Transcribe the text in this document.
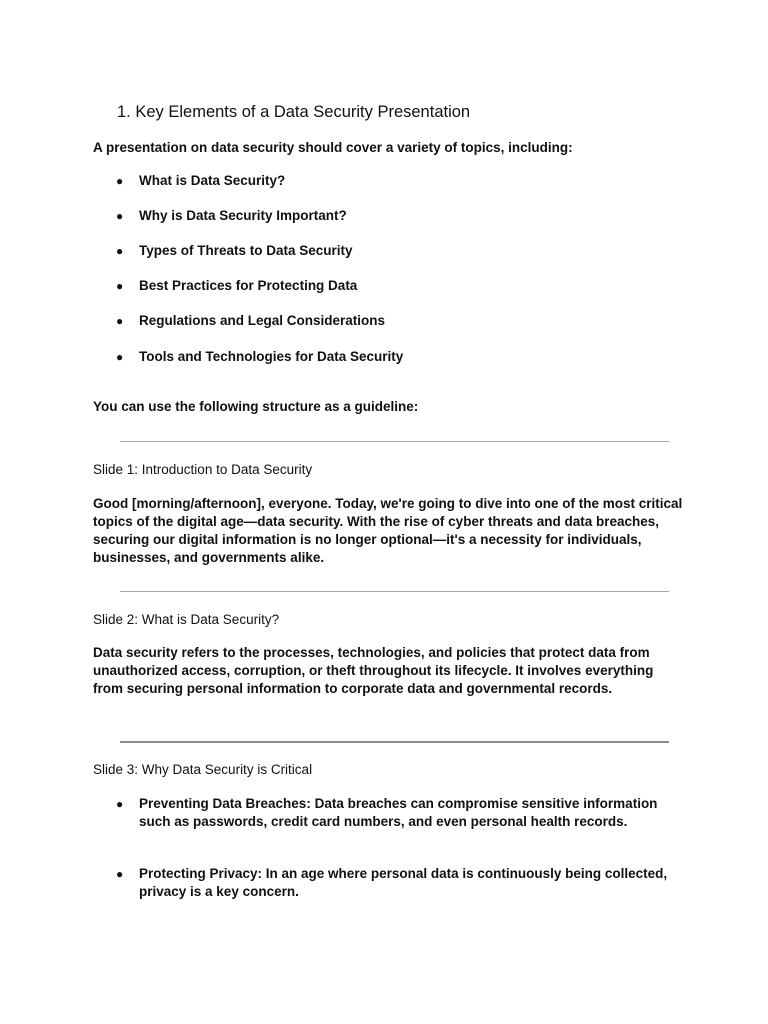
1. Key Elements of a Data Security Presentation

A presentation on data security should cover a variety of topics, including:

● What is Data Security?
● Why is Data Security Important?
● Types of Threats to Data Security
● Best Practices for Protecting Data
● Regulations and Legal Considerations
● Tools and Technologies for Data Security

You can use the following structure as a guideline:

Slide 1: Introduction to Data Security

Good [morning/afternoon], everyone. Today, we're going to dive into one of the most critical topics of the digital age—data security. With the rise of cyber threats and data breaches, securing our digital information is no longer optional—it's a necessity for individuals, businesses, and governments alike.

Slide 2: What is Data Security?

Data security refers to the processes, technologies, and policies that protect data from unauthorized access, corruption, or theft throughout its lifecycle. It involves everything from securing personal information to corporate data and governmental records.

Slide 3: Why Data Security is Critical
● Preventing Data Breaches: Data breaches can compromise sensitive information such as passwords, credit card numbers, and even personal health records.
● Protecting Privacy: In an age where personal data is continuously being collected, privacy is a key concern.
